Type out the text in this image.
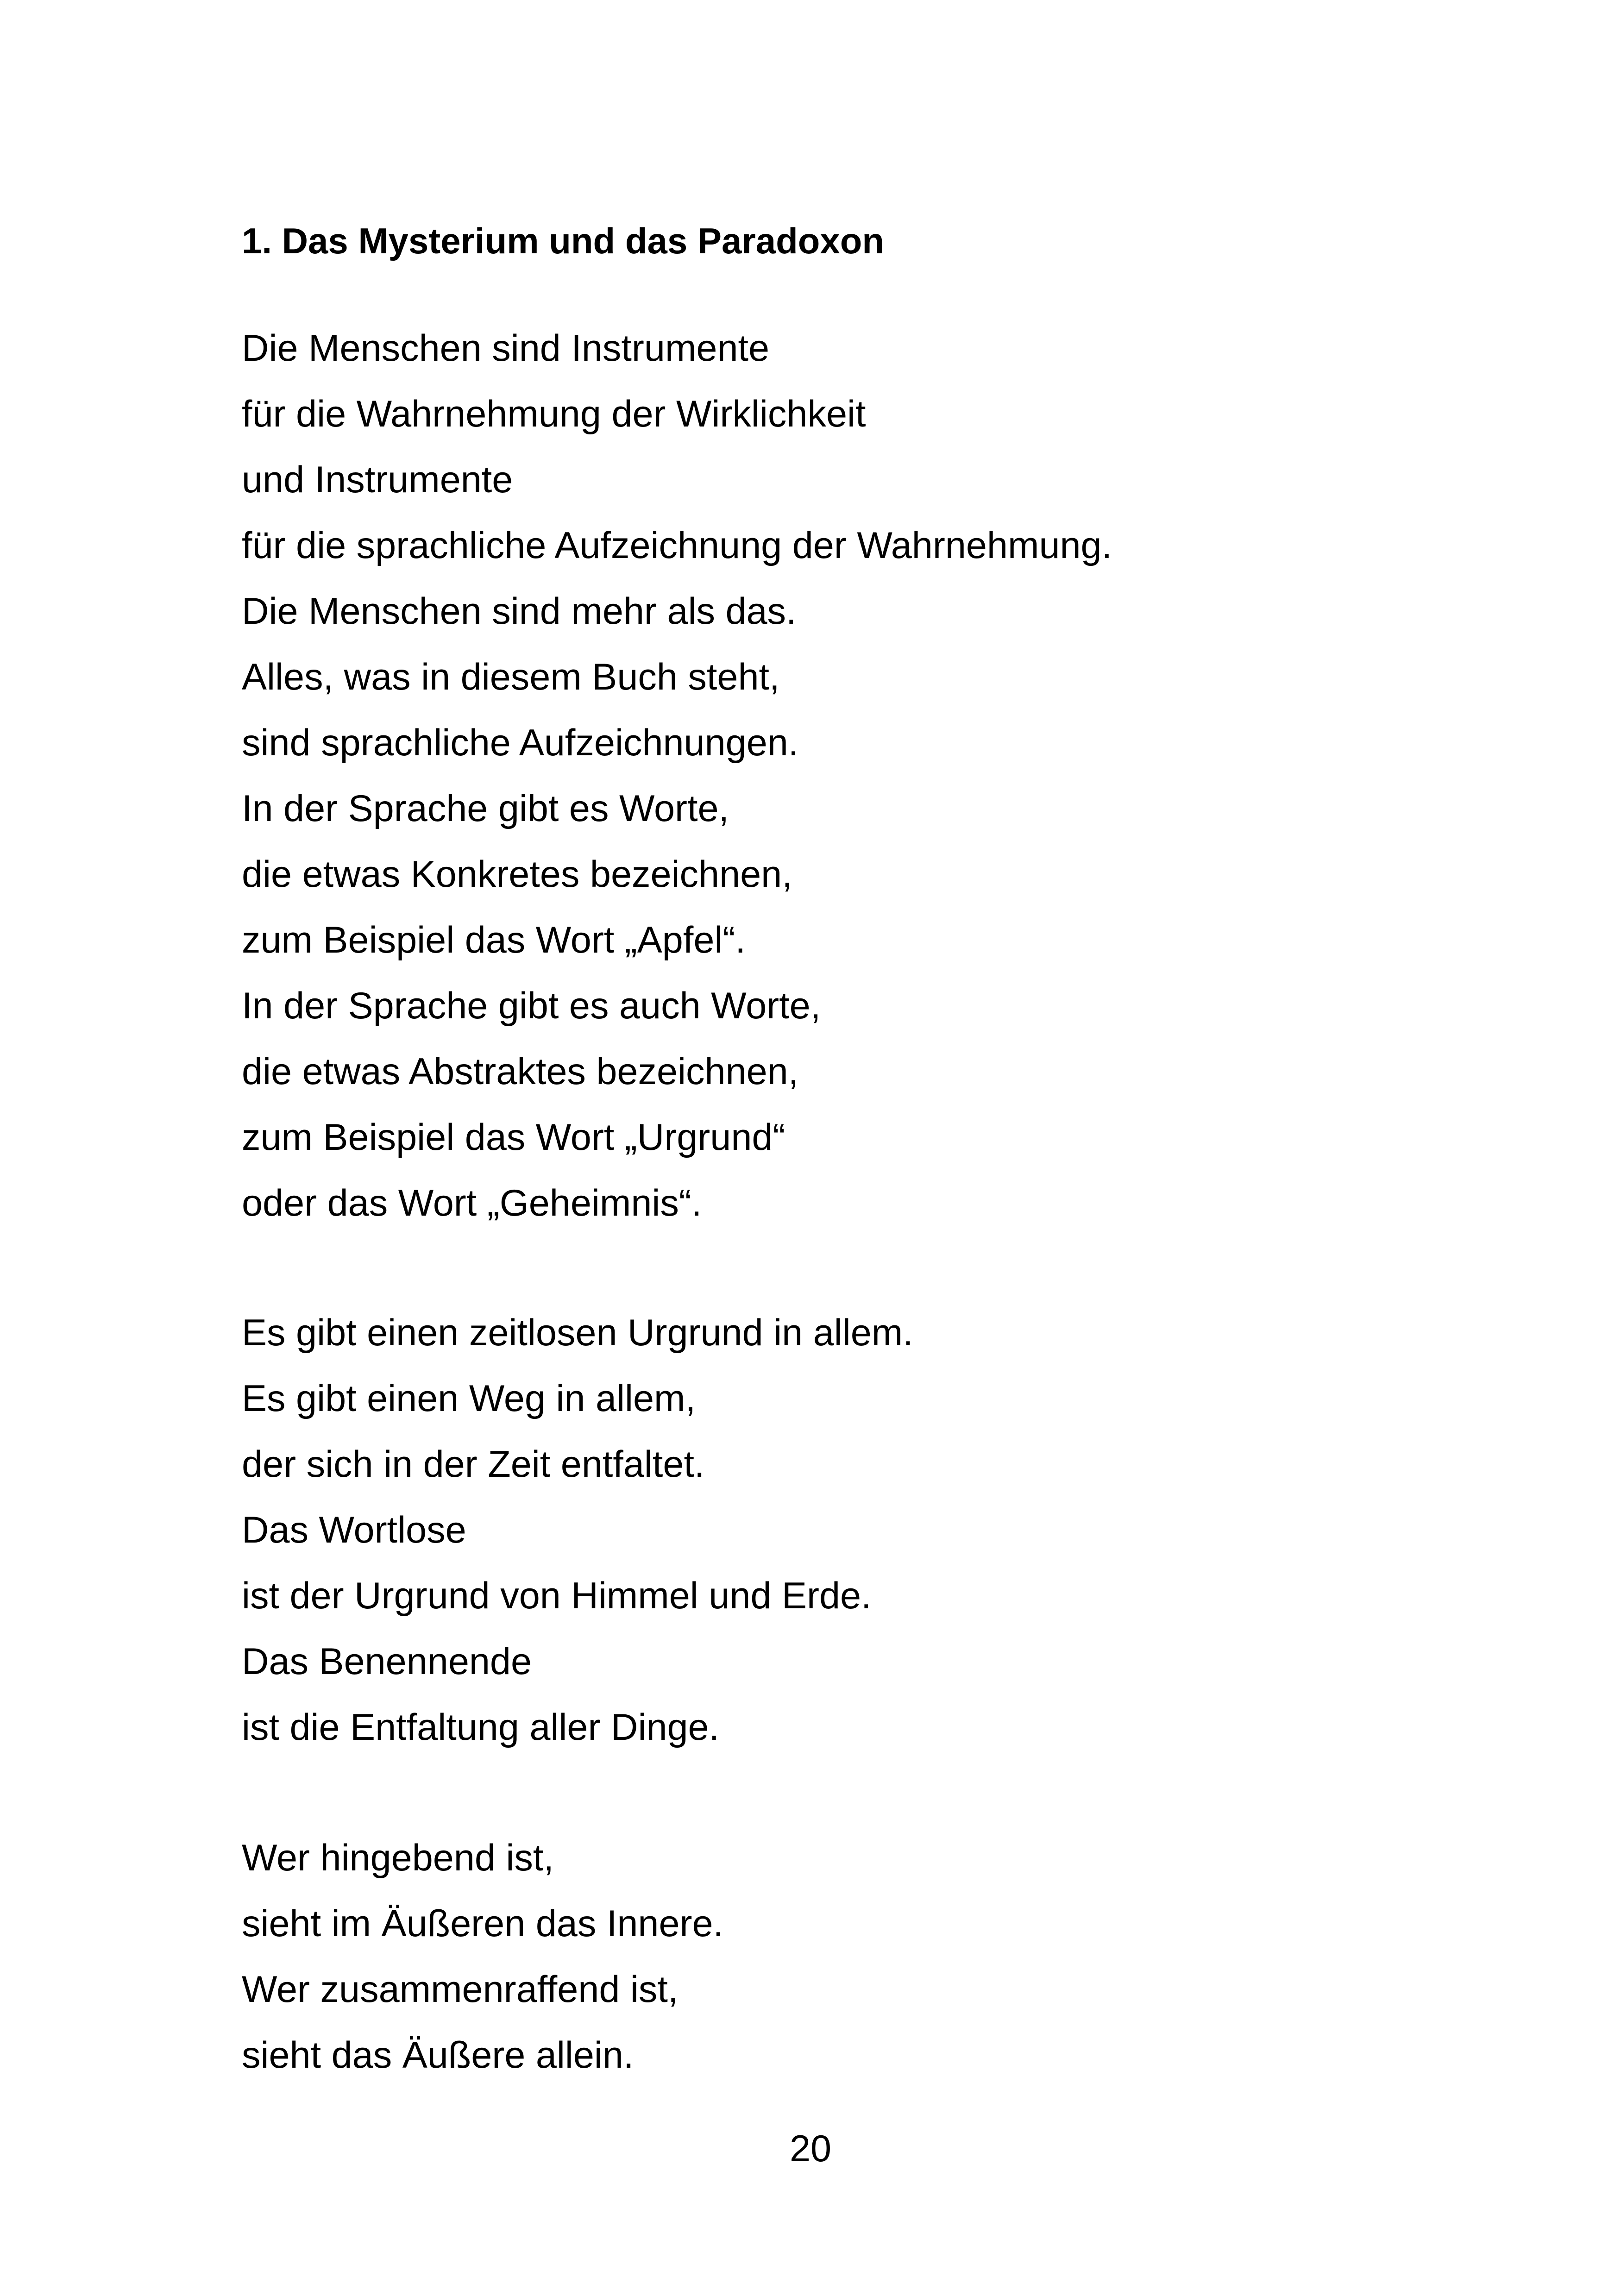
1. Das Mysterium und das Paradoxon
Die Menschen sind Instrumente
für die Wahrnehmung der Wirklichkeit
und Instrumente
für die sprachliche Aufzeichnung der Wahrnehmung.
Die Menschen sind mehr als das.
Alles, was in diesem Buch steht,
sind sprachliche Aufzeichnungen.
In der Sprache gibt es Worte,
die etwas Konkretes bezeichnen,
zum Beispiel das Wort „Apfel“.
In der Sprache gibt es auch Worte,
die etwas Abstraktes bezeichnen,
zum Beispiel das Wort „Urgrund“
oder das Wort „Geheimnis“.
Es gibt einen zeitlosen Urgrund in allem.
Es gibt einen Weg in allem,
der sich in der Zeit entfaltet.
Das Wortlose
ist der Urgrund von Himmel und Erde.
Das Benennende
ist die Entfaltung aller Dinge.
Wer hingebend ist,
sieht im Äußeren das Innere.
Wer zusammenraffend ist,
sieht das Äußere allein.
20
